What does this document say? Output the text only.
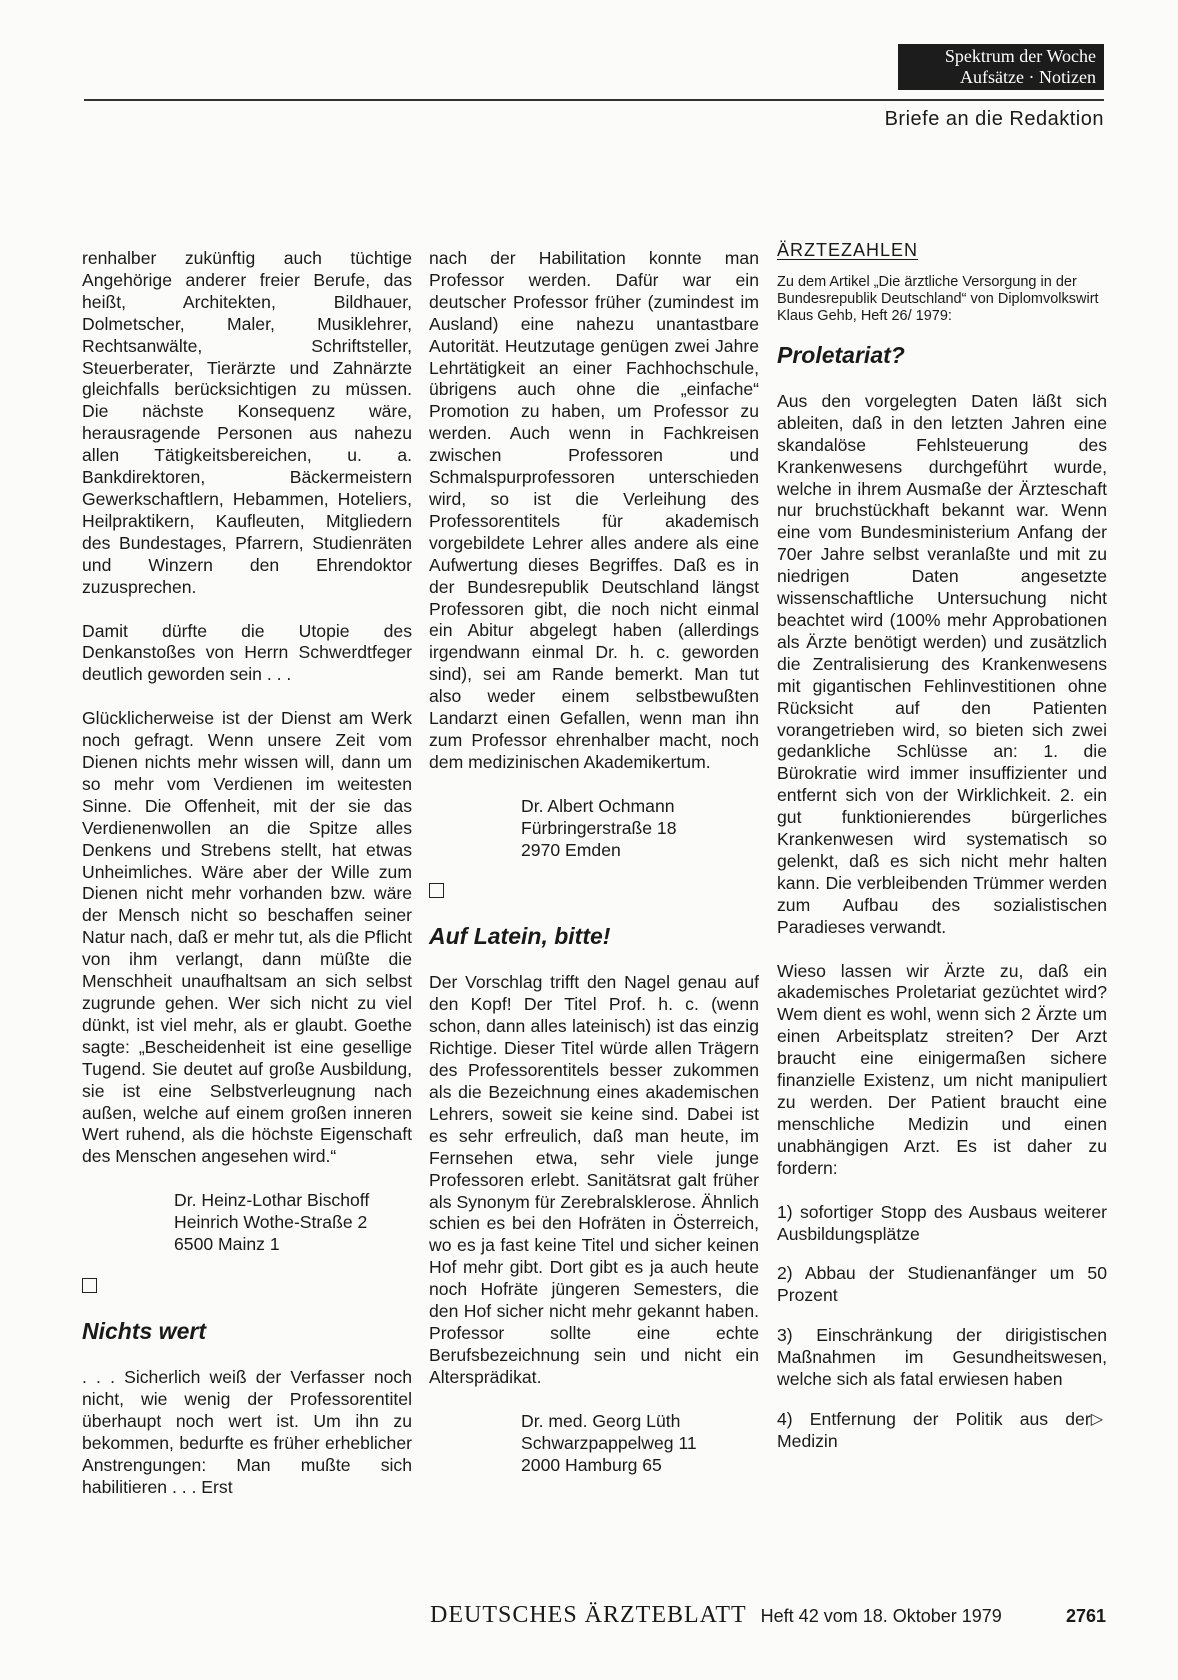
Spektrum der Woche
Aufsätze · Notizen
Briefe an die Redaktion

renhalber zukünftig auch tüchtige Angehörige anderer freier Berufe, das heißt, Architekten, Bildhauer, Dolmetscher, Maler, Musiklehrer, Rechtsanwälte, Schriftsteller, Steuerberater, Tierärzte und Zahnärzte gleichfalls berücksichtigen zu müssen. Die nächste Konsequenz wäre, herausragende Personen aus nahezu allen Tätigkeitsbereichen, u. a. Bankdirektoren, Bäckermeistern Gewerkschaftlern, Hebammen, Hoteliers, Heilpraktikern, Kaufleuten, Mitgliedern des Bundestages, Pfarrern, Studienräten und Winzern den Ehrendoktor zuzusprechen.

Damit dürfte die Utopie des Denkanstoßes von Herrn Schwerdtfeger deutlich geworden sein . . .

Glücklicherweise ist der Dienst am Werk noch gefragt. Wenn unsere Zeit vom Dienen nichts mehr wissen will, dann um so mehr vom Verdienen im weitesten Sinne. Die Offenheit, mit der sie das Verdienenwollen an die Spitze alles Denkens und Strebens stellt, hat etwas Unheimliches. Wäre aber der Wille zum Dienen nicht mehr vorhanden bzw. wäre der Mensch nicht so beschaffen seiner Natur nach, daß er mehr tut, als die Pflicht von ihm verlangt, dann müßte die Menschheit unaufhaltsam an sich selbst zugrunde gehen. Wer sich nicht zu viel dünkt, ist viel mehr, als er glaubt. Goethe sagte: „Bescheidenheit ist eine gesellige Tugend. Sie deutet auf große Ausbildung, sie ist eine Selbstverleugnung nach außen, welche auf einem großen inneren Wert ruhend, als die höchste Eigenschaft des Menschen angesehen wird.“

Dr. Heinz-Lothar Bischoff
Heinrich Wothe-Straße 2
6500 Mainz 1
Nichts wert

. . . Sicherlich weiß der Verfasser noch nicht, wie wenig der Professorentitel überhaupt noch wert ist. Um ihn zu bekommen, bedurfte es früher erheblicher Anstrengungen: Man mußte sich habilitieren . . . Erst

nach der Habilitation konnte man Professor werden. Dafür war ein deutscher Professor früher (zumindest im Ausland) eine nahezu unantastbare Autorität. Heutzutage genügen zwei Jahre Lehrtätigkeit an einer Fachhochschule, übrigens auch ohne die „einfache“ Promotion zu haben, um Professor zu werden. Auch wenn in Fachkreisen zwischen Professoren und Schmalspurprofessoren unterschieden wird, so ist die Verleihung des Professorentitels für akademisch vorgebildete Lehrer alles andere als eine Aufwertung dieses Begriffes. Daß es in der Bundesrepublik Deutschland längst Professoren gibt, die noch nicht einmal ein Abitur abgelegt haben (allerdings irgendwann einmal Dr. h. c. geworden sind), sei am Rande bemerkt. Man tut also weder einem selbstbewußten Landarzt einen Gefallen, wenn man ihn zum Professor ehrenhalber macht, noch dem medizinischen Akademikertum.

Dr. Albert Ochmann
Fürbringerstraße 18
2970 Emden
Auf Latein, bitte!

Der Vorschlag trifft den Nagel genau auf den Kopf! Der Titel Prof. h. c. (wenn schon, dann alles lateinisch) ist das einzig Richtige. Dieser Titel würde allen Trägern des Professorentitels besser zukommen als die Bezeichnung eines akademischen Lehrers, soweit sie keine sind. Dabei ist es sehr erfreulich, daß man heute, im Fernsehen etwa, sehr viele junge Professoren erlebt. Sanitätsrat galt früher als Synonym für Zerebralsklerose. Ähnlich schien es bei den Hofräten in Österreich, wo es ja fast keine Titel und sicher keinen Hof mehr gibt. Dort gibt es ja auch heute noch Hofräte jüngeren Semesters, die den Hof sicher nicht mehr gekannt haben. Professor sollte eine echte Berufsbezeichnung sein und nicht ein Altersprädikat.

Dr. med. Georg Lüth
Schwarzpappelweg 11
2000 Hamburg 65
ÄRZTEZAHLEN
Zu dem Artikel „Die ärztliche Versorgung in der Bundesrepublik Deutschland“ von Diplomvolkswirt Klaus Gehb, Heft 26/ 1979:
Proletariat?

Aus den vorgelegten Daten läßt sich ableiten, daß in den letzten Jahren eine skandalöse Fehlsteuerung des Krankenwesens durchgeführt wurde, welche in ihrem Ausmaße der Ärzteschaft nur bruchstückhaft bekannt war. Wenn eine vom Bundesministerium Anfang der 70er Jahre selbst veranlaßte und mit zu niedrigen Daten angesetzte wissenschaftliche Untersuchung nicht beachtet wird (100% mehr Approbationen als Ärzte benötigt werden) und zusätzlich die Zentralisierung des Krankenwesens mit gigantischen Fehlinvestitionen ohne Rücksicht auf den Patienten vorangetrieben wird, so bieten sich zwei gedankliche Schlüsse an: 1. die Bürokratie wird immer insuffizienter und entfernt sich von der Wirklichkeit. 2. ein gut funktionierendes bürgerliches Krankenwesen wird systematisch so gelenkt, daß es sich nicht mehr halten kann. Die verbleibenden Trümmer werden zum Aufbau des sozialistischen Paradieses verwandt.

Wieso lassen wir Ärzte zu, daß ein akademisches Proletariat gezüchtet wird? Wem dient es wohl, wenn sich 2 Ärzte um einen Arbeitsplatz streiten? Der Arzt braucht eine einigermaßen sichere finanzielle Existenz, um nicht manipuliert zu werden. Der Patient braucht eine menschliche Medizin und einen unabhängigen Arzt. Es ist daher zu fordern:

1) sofortiger Stopp des Ausbaus weiterer Ausbildungsplätze

2) Abbau der Studienanfänger um 50 Prozent

3) Einschränkung der dirigistischen Maßnahmen im Gesundheitswesen, welche sich als fatal erwiesen haben

▷
4) Entfernung der Politik aus der Medizin

DEUTSCHES ÄRZTEBLATT Heft 42 vom 18. Oktober 1979	2761
